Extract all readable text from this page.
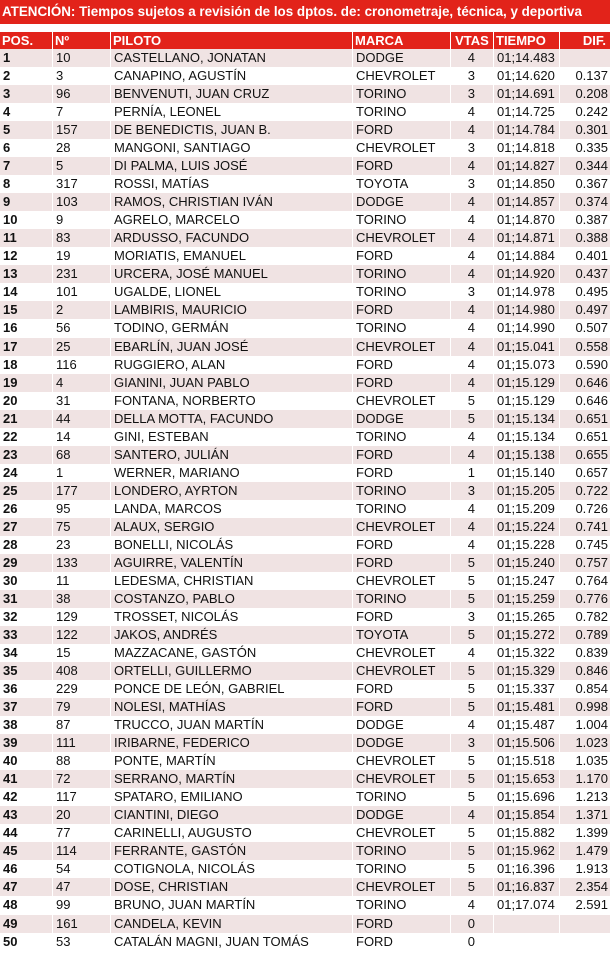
ATENCIÓN: Tiempos sujetos a revisión de los dptos. de: cronometraje, técnica, y deportiva
POS.	Nº	PILOTO	MARCA	VTAS	TIEMPO	DIF.
1	10	CASTELLANO, JONATAN	DODGE	4	01;14.483	
2	3	CANAPINO, AGUSTÍN	CHEVROLET	3	01;14.620	0.137
3	96	BENVENUTI, JUAN CRUZ	TORINO	3	01;14.691	0.208
4	7	PERNÍA, LEONEL	TORINO	4	01;14.725	0.242
5	157	DE BENEDICTIS, JUAN B.	FORD	4	01;14.784	0.301
6	28	MANGONI, SANTIAGO	CHEVROLET	3	01;14.818	0.335
7	5	DI PALMA, LUIS JOSÉ	FORD	4	01;14.827	0.344
8	317	ROSSI, MATÍAS	TOYOTA	3	01;14.850	0.367
9	103	RAMOS, CHRISTIAN IVÁN	DODGE	4	01;14.857	0.374
10	9	AGRELO, MARCELO	TORINO	4	01;14.870	0.387
11	83	ARDUSSO, FACUNDO	CHEVROLET	4	01;14.871	0.388
12	19	MORIATIS, EMANUEL	FORD	4	01;14.884	0.401
13	231	URCERA, JOSÉ MANUEL	TORINO	4	01;14.920	0.437
14	101	UGALDE, LIONEL	TORINO	3	01;14.978	0.495
15	2	LAMBIRIS, MAURICIO	FORD	4	01;14.980	0.497
16	56	TODINO, GERMÁN	TORINO	4	01;14.990	0.507
17	25	EBARLÍN, JUAN JOSÉ	CHEVROLET	4	01;15.041	0.558
18	116	RUGGIERO, ALAN	FORD	4	01;15.073	0.590
19	4	GIANINI, JUAN PABLO	FORD	4	01;15.129	0.646
20	31	FONTANA, NORBERTO	CHEVROLET	5	01;15.129	0.646
21	44	DELLA MOTTA, FACUNDO	DODGE	5	01;15.134	0.651
22	14	GINI, ESTEBAN	TORINO	4	01;15.134	0.651
23	68	SANTERO, JULIÁN	FORD	4	01;15.138	0.655
24	1	WERNER, MARIANO	FORD	1	01;15.140	0.657
25	177	LONDERO, AYRTON	TORINO	3	01;15.205	0.722
26	95	LANDA, MARCOS	TORINO	4	01;15.209	0.726
27	75	ALAUX, SERGIO	CHEVROLET	4	01;15.224	0.741
28	23	BONELLI, NICOLÁS	FORD	4	01;15.228	0.745
29	133	AGUIRRE, VALENTÍN	FORD	5	01;15.240	0.757
30	11	LEDESMA, CHRISTIAN	CHEVROLET	5	01;15.247	0.764
31	38	COSTANZO, PABLO	TORINO	5	01;15.259	0.776
32	129	TROSSET, NICOLÁS	FORD	3	01;15.265	0.782
33	122	JAKOS, ANDRÉS	TOYOTA	5	01;15.272	0.789
34	15	MAZZACANE, GASTÓN	CHEVROLET	4	01;15.322	0.839
35	408	ORTELLI, GUILLERMO	CHEVROLET	5	01;15.329	0.846
36	229	PONCE DE LEÓN, GABRIEL	FORD	5	01;15.337	0.854
37	79	NOLESI, MATHÍAS	FORD	5	01;15.481	0.998
38	87	TRUCCO, JUAN MARTÍN	DODGE	4	01;15.487	1.004
39	111	IRIBARNE, FEDERICO	DODGE	3	01;15.506	1.023
40	88	PONTE, MARTÍN	CHEVROLET	5	01;15.518	1.035
41	72	SERRANO, MARTÍN	CHEVROLET	5	01;15.653	1.170
42	117	SPATARO, EMILIANO	TORINO	5	01;15.696	1.213
43	20	CIANTINI, DIEGO	DODGE	4	01;15.854	1.371
44	77	CARINELLI, AUGUSTO	CHEVROLET	5	01;15.882	1.399
45	114	FERRANTE, GASTÓN	TORINO	5	01;15.962	1.479
46	54	COTIGNOLA, NICOLÁS	TORINO	5	01;16.396	1.913
47	47	DOSE, CHRISTIAN	CHEVROLET	5	01;16.837	2.354
48	99	BRUNO, JUAN MARTÍN	TORINO	4	01;17.074	2.591
49	161	CANDELA, KEVIN	FORD	0		
50	53	CATALÁN MAGNI, JUAN TOMÁS	FORD	0		
